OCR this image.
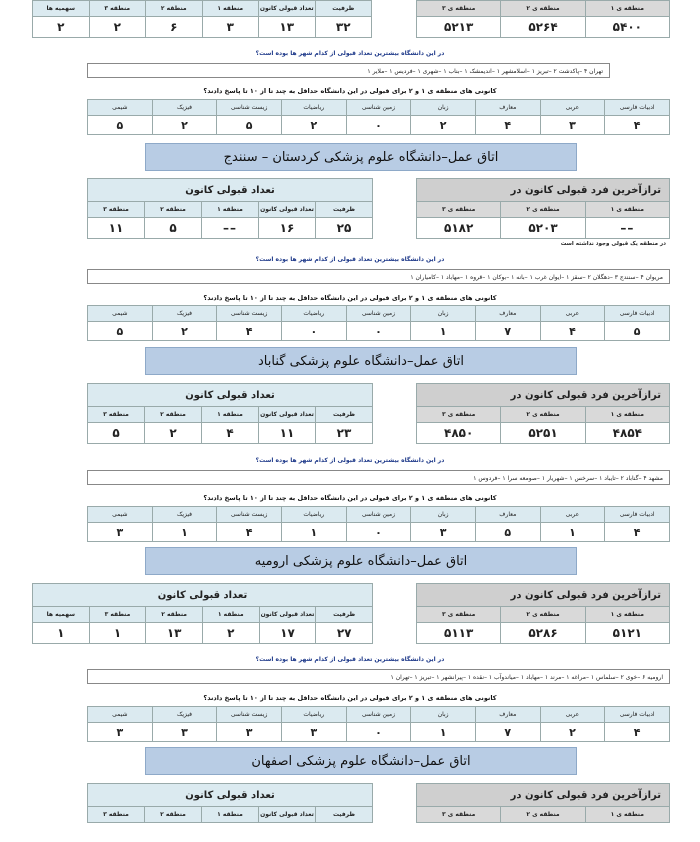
منطقه ی ۳	منطقه ی ۲	منطقه ی ۱
۵۲۱۳	۵۲۶۴	۵۴۰۰
سهمیه ها	منطقه ۳	منطقه ۲	منطقه ۱	تعداد قبولی کانون	ظرفیت
۲	۲	۶	۳	۱۳	۳۲
در این دانشگاه بیشترین تعداد قبولی از کدام شهر ها بوده است؟
تهران ۴ –پاکدشت ۲ –تبریز ۱ –اسلامشهر ۱ –اندیمشک ۱ –بناب ۱ –شهری ۱ –فردیس ۱ –ملایر ۱
کانونی های منطقه ی ۱ و ۲ برای قبولی در این دانشگاه حداقل به چند تا از ۱۰ تا پاسخ دادند؟
شیمی	فیزیک	زیست شناسی	ریاضیات	زمین شناسی	زبان	معارف	عربی	ادبیات فارسی
۵	۲	۵	۲	۰	۲	۴	۳	۴
اتاق عمل–دانشگاه علوم پزشکی کردستان – سنندج
ترازآخرین فرد قبولی کانون در		
منطقه ی ۳	منطقه ی ۲	منطقه ی ۱
۵۱۸۲	۵۲۰۳	––
تعداد قبولی کانون				
منطقه ۳	منطقه ۲	منطقه ۱	تعداد قبولی کانون	ظرفیت
۱۱	۵	––	۱۶	۲۵
در منطقه یک قبولی وجود نداشته است
در این دانشگاه بیشترین تعداد قبولی از کدام شهر ها بوده است؟
مریوان ۴ –سنندج ۳ –دهگلان ۲ –سقز ۱ –ایوان غرب ۱ –بانه ۱ –بوکان ۱ –قروه ۱ –مهاباد ۱ –کامیاران ۱
کانونی های منطقه ی ۱ و ۲ برای قبولی در این دانشگاه حداقل به چند تا از ۱۰ تا پاسخ دادند؟
شیمی	فیزیک	زیست شناسی	ریاضیات	زمین شناسی	زبان	معارف	عربی	ادبیات فارسی
۵	۲	۴	۰	۰	۱	۷	۴	۵
اتاق عمل–دانشگاه علوم پزشکی گناباد
ترازآخرین فرد قبولی کانون در		
منطقه ی ۳	منطقه ی ۲	منطقه ی ۱
۴۸۵۰	۵۲۵۱	۴۸۵۴
تعداد قبولی کانون				
منطقه ۳	منطقه ۲	منطقه ۱	تعداد قبولی کانون	ظرفیت
۵	۲	۴	۱۱	۲۳
در این دانشگاه بیشترین تعداد قبولی از کدام شهر ها بوده است؟
مشهد ۴ –گناباد ۲ –تایباد ۱ –سرخس ۱ –شهریار ۱ –صومعه سرا ۱ –فردوس ۱
کانونی های منطقه ی ۱ و ۲ برای قبولی در این دانشگاه حداقل به چند تا از ۱۰ تا پاسخ دادند؟
شیمی	فیزیک	زیست شناسی	ریاضیات	زمین شناسی	زبان	معارف	عربی	ادبیات فارسی
۳	۱	۴	۱	۰	۳	۵	۱	۴
اتاق عمل–دانشگاه علوم پزشکی ارومیه
ترازآخرین فرد قبولی کانون در		
منطقه ی ۳	منطقه ی ۲	منطقه ی ۱
۵۱۱۳	۵۲۸۶	۵۱۲۱
تعداد قبولی کانون					
سهمیه ها	منطقه ۳	منطقه ۲	منطقه ۱	تعداد قبولی کانون	ظرفیت
۱	۱	۱۳	۲	۱۷	۲۷
در این دانشگاه بیشترین تعداد قبولی از کدام شهر ها بوده است؟
ارومیه ۶ –خوی ۲ –سلماس ۱ –مراغه ۱ –مرند ۱ –مهاباد ۱ –میاندوآب ۱ –نقده ۱ –پیرانشهر ۱ –تبریز ۱ –تهران ۱
کانونی های منطقه ی ۱ و ۲ برای قبولی در این دانشگاه حداقل به چند تا از ۱۰ تا پاسخ دادند؟
شیمی	فیزیک	زیست شناسی	ریاضیات	زمین شناسی	زبان	معارف	عربی	ادبیات فارسی
۳	۳	۳	۳	۰	۱	۷	۲	۴
اتاق عمل–دانشگاه علوم پزشکی اصفهان
ترازآخرین فرد قبولی کانون در
منطقه ی ۳	منطقه ی ۲	منطقه ی ۱
تعداد قبولی کانون
منطقه ۳	منطقه ۲	منطقه ۱	تعداد قبولی کانون	ظرفیت
